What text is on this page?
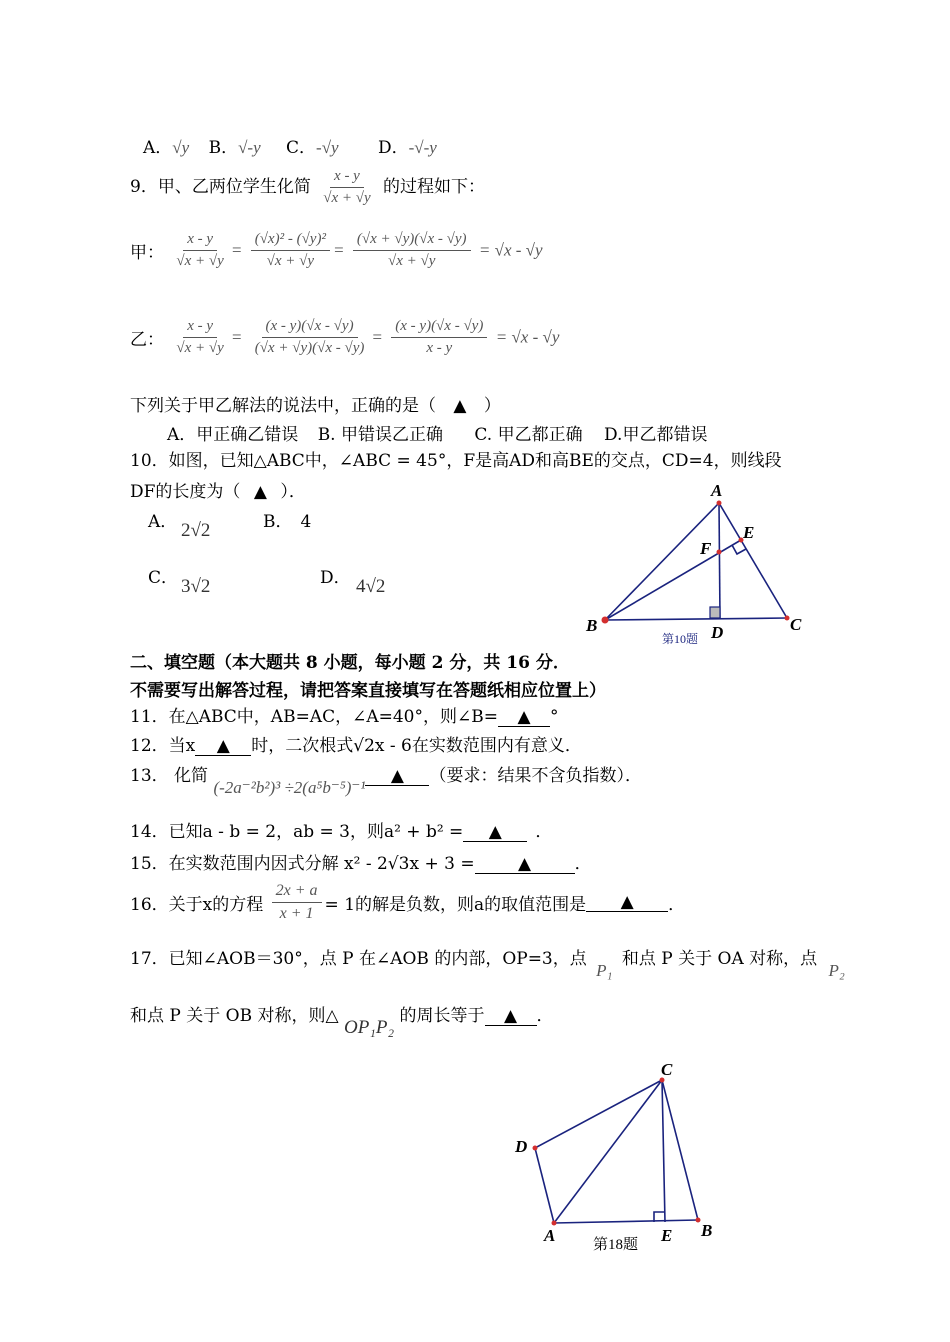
A．√y B．√-y C．-√y D．-√-y
9．甲、乙两位学生化简 $\frac{x - y}{√x + √y}$ 的过程如下：
甲： $\frac{x - y}{√x + √y} = \frac{\text{(√x)² - (√y)²}}{√x + √y} = \frac{(√x + √y)(√x - √y)}{√x + √y} = √x - √y$
乙： $\frac{x - y}{√x + √y} = \frac{(x - y)(√x - √y)}{(√x + √y)(√x - √y)} = \frac{(x - y)(√x - √y)}{x - y} = √x - √y$
下列关于甲乙解法的说法中，正确的是（ ▲ ）
A．甲正确乙错误 B. 甲错误乙正确 C. 甲乙都正确 D.甲乙都错误
10．如图，已知△ABC中，∠ABC = 45°，F是高AD和高BE的交点，CD=4，则线段
DF的长度为（ ▲ ）．
A． 2√2	B． 4
C． 3√2	D． 4√2
A
B	C
D
E
F
第10题
二、填空题（本大题共 8 小题，每小题 2 分，共 16 分．
不需要写出解答过程，请把答案直接填写在答题纸相应位置上）
11．在△ABC中，AB=AC，∠A=40°，则∠B= ▲ °
12．当x ▲ 时，二次根式√2x - 6在实数范围内有意义．
13． 化简 (-2a⁻²b²)³ ÷2(a⁵b⁻⁵)⁻¹▲ （要求：结果不含负指数）．
14．已知a - b = 2，ab = 3，则a² + b² = ▲ ．
15．在实数范围内因式分解 x² - 2√3x + 3 =	▲	．
16．关于x的方程 $\frac{2x + a}{x + 1} = 1$的解是负数，则a的取值范围是 ▲ ．
17．已知∠AOB＝30°，点 P 在∠AOB 的内部，OP=3，点 P₁ 和点 P 关于 OA 对称，点 P₂
和点 P 关于 OB 对称，则△ OP₁P₂ 的周长等于 ▲ ．
A	B
C
D
E
第18题
